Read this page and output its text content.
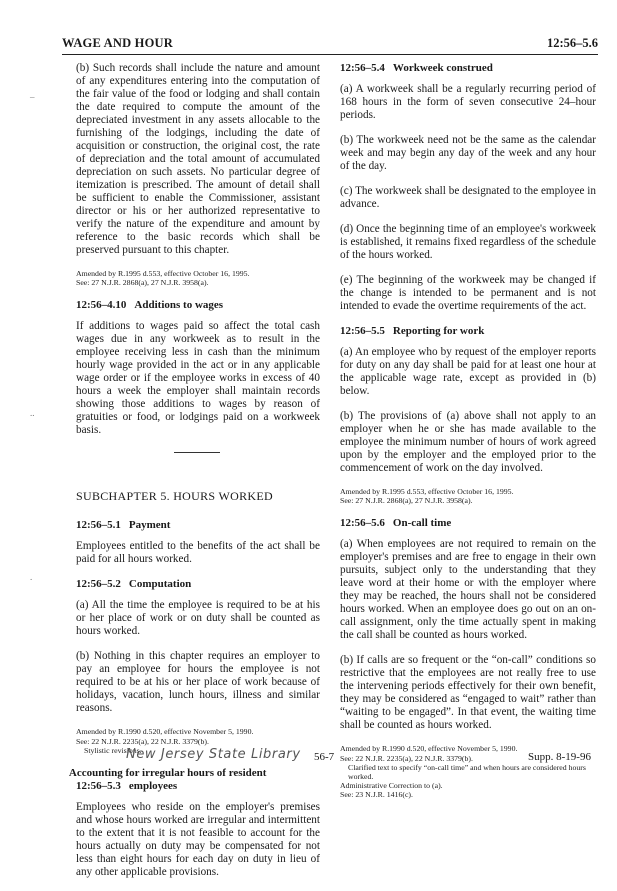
WAGE AND HOUR	12:56–5.6
–
..
.

(b) Such records shall include the nature and amount of any expenditures entering into the computation of the fair value of the food or lodging and shall contain the date required to compute the amount of the depreciated investment in any assets allocable to the furnishing of the lodgings, including the date of acquisition or construction, the original cost, the rate of depreciation and the total amount of accumulated depreciation on such assets. No particular degree of itemization is prescribed. The amount of detail shall be sufficient to enable the Commissioner, assistant director or his or her authorized representative to verify the nature of the expenditure and amount by reference to the basic records which shall be preserved pursuant to this chapter.

Amended by R.1995 d.553, effective October 16, 1995.

See: 27 N.J.R. 2868(a), 27 N.J.R. 3958(a).

12:56–4.10 Additions to wages

If additions to wages paid so affect the total cash wages due in any workweek as to result in the employee receiving less in cash than the minimum hourly wage provided in the act or in any applicable wage order or if the employee works in excess of 40 hours a week the employer shall maintain records showing those additions to wages by reason of gratuities or food, or lodgings paid on a workweek basis.

SUBCHAPTER 5. HOURS WORKED

12:56–5.1 Payment

Employees entitled to the benefits of the act shall be paid for all hours worked.

12:56–5.2 Computation

(a) All the time the employee is required to be at his or her place of work or on duty shall be counted as hours worked.

(b) Nothing in this chapter requires an employer to pay an employee for hours the employee is not required to be at his or her place of work because of holidays, vacation, lunch hours, illness and similar reasons.

Amended by R.1990 d.520, effective November 5, 1990.

See: 22 N.J.R. 2235(a), 22 N.J.R. 3379(b).

Stylistic revisions.

12:56–5.3Accounting for irregular hours of resident employees

Employees who reside on the employer's premises and whose hours worked are irregular and intermittent to the extent that it is not feasible to account for the hours actually on duty may be compensated for not less than eight hours for each day on duty in lieu of any other applicable provisions.

12:56–5.4 Workweek construed

(a) A workweek shall be a regularly recurring period of 168 hours in the form of seven consecutive 24–hour periods.

(b) The workweek need not be the same as the calendar week and may begin any day of the week and any hour of the day.

(c) The workweek shall be designated to the employee in advance.

(d) Once the beginning time of an employee's workweek is established, it remains fixed regardless of the schedule of the hours worked.

(e) The beginning of the workweek may be changed if the change is intended to be permanent and is not intended to evade the overtime requirements of the act.

12:56–5.5 Reporting for work

(a) An employee who by request of the employer reports for duty on any day shall be paid for at least one hour at the applicable wage rate, except as provided in (b) below.

(b) The provisions of (a) above shall not apply to an employer when he or she has made available to the employee the minimum number of hours of work agreed upon by the employer and the employed prior to the commencement of work on the day involved.

Amended by R.1995 d.553, effective October 16, 1995.

See: 27 N.J.R. 2868(a), 27 N.J.R. 3958(a).

12:56–5.6 On-call time

(a) When employees are not required to remain on the employer's premises and are free to engage in their own pursuits, subject only to the understanding that they leave word at their home or with the employer where they may be reached, the hours shall not be considered hours worked. When an employee does go out on an on-call assignment, only the time actually spent in making the call shall be counted as hours worked.

(b) If calls are so frequent or the “on-call” conditions so restrictive that the employees are not really free to use the intervening periods effectively for their own benefit, they may be considered as “engaged to wait” rather than “waiting to be engaged”. In that event, the waiting time shall be counted as hours worked.

Amended by R.1990 d.520, effective November 5, 1990.

See: 22 N.J.R. 2235(a), 22 N.J.R. 3379(b).

Clarified text to specify “on-call time” and when hours are considered hours worked.

Administrative Correction to (a).

See: 23 N.J.R. 1416(c).

New Jersey State Library 56-7	Supp. 8-19-96
